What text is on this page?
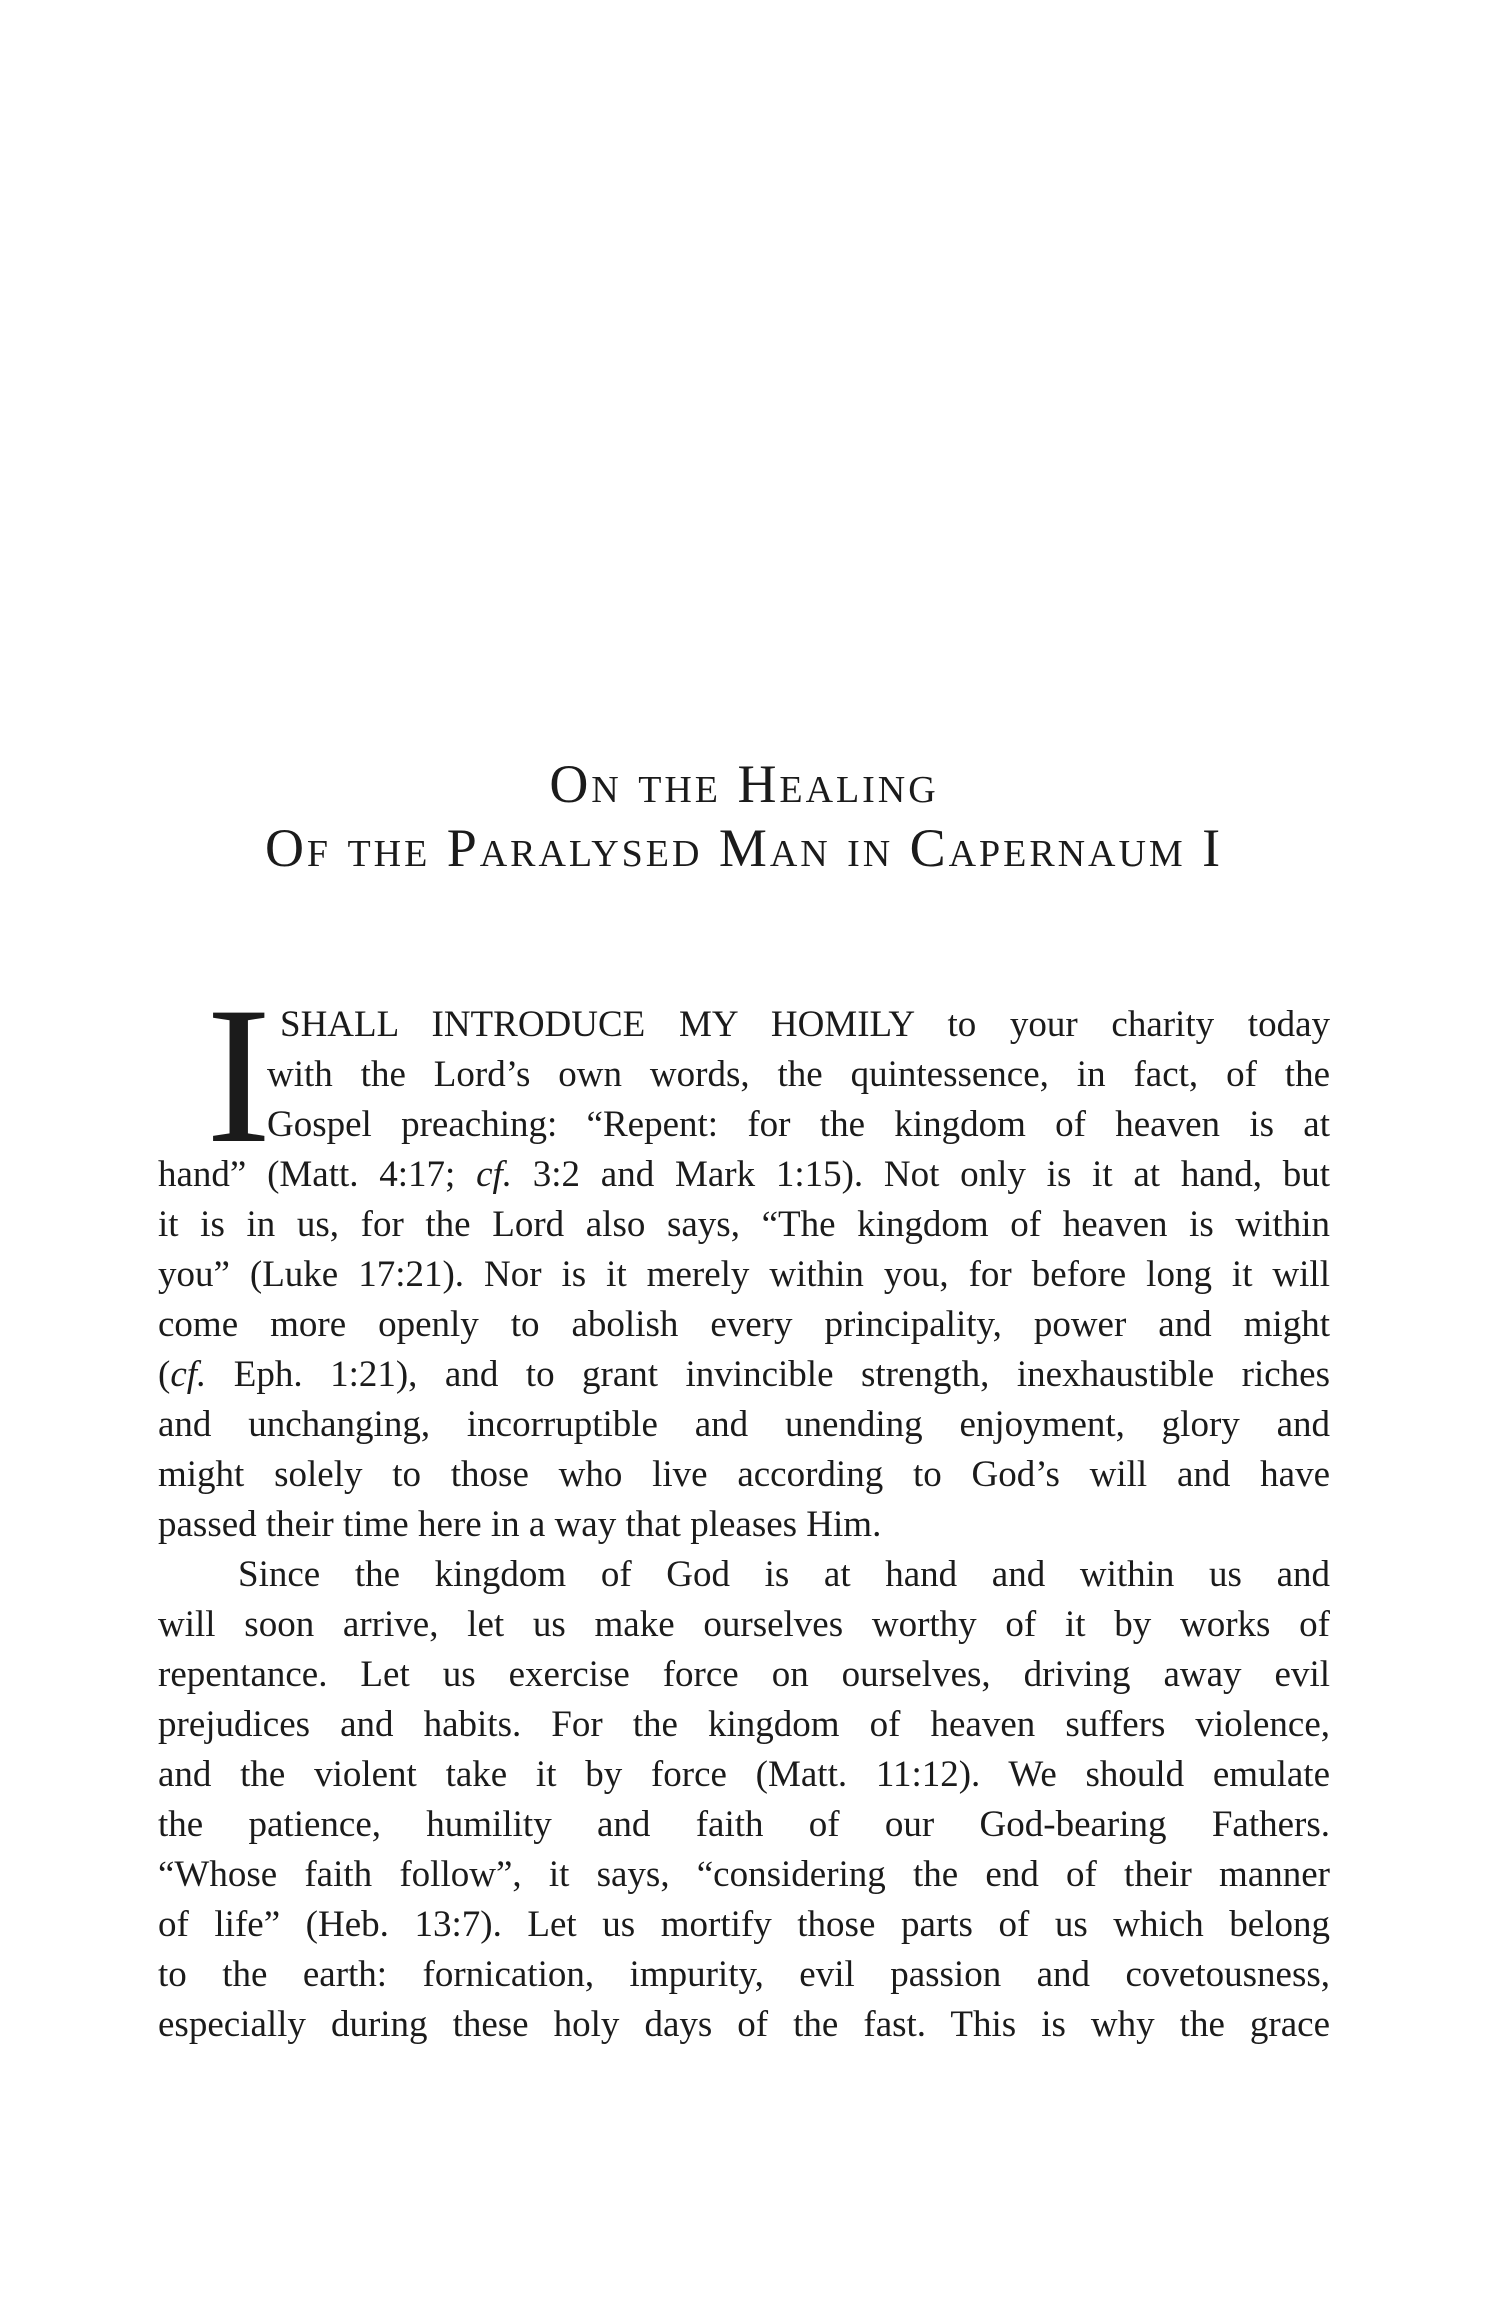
On the Healing
Of the Paralysed Man in Capernaum I
I SHALL INTRODUCE MY HOMILY to your charity today
with the Lord’s own words, the quintessence, in fact, of the
Gospel preaching: “Repent: for the kingdom of heaven is at
hand” (Matt. 4:17; cf. 3:2 and Mark 1:15). Not only is it at hand, but
it is in us, for the Lord also says, “The kingdom of heaven is within
you” (Luke 17:21). Nor is it merely within you, for before long it will
come more openly to abolish every principality, power and might
(cf. Eph. 1:21), and to grant invincible strength, inexhaustible riches
and unchanging, incorruptible and unending enjoyment, glory and
might solely to those who live according to God’s will and have
passed their time here in a way that pleases Him.
Since the kingdom of God is at hand and within us and
will soon arrive, let us make ourselves worthy of it by works of
repentance. Let us exercise force on ourselves, driving away evil
prejudices and habits. For the kingdom of heaven suffers violence,
and the violent take it by force (Matt. 11:12). We should emulate
the patience, humility and faith of our God-bearing Fathers.
“Whose faith follow”, it says, “considering the end of their manner
of life” (Heb. 13:7). Let us mortify those parts of us which belong
to the earth: fornication, impurity, evil passion and covetousness,
especially during these holy days of the fast. This is why the grace
